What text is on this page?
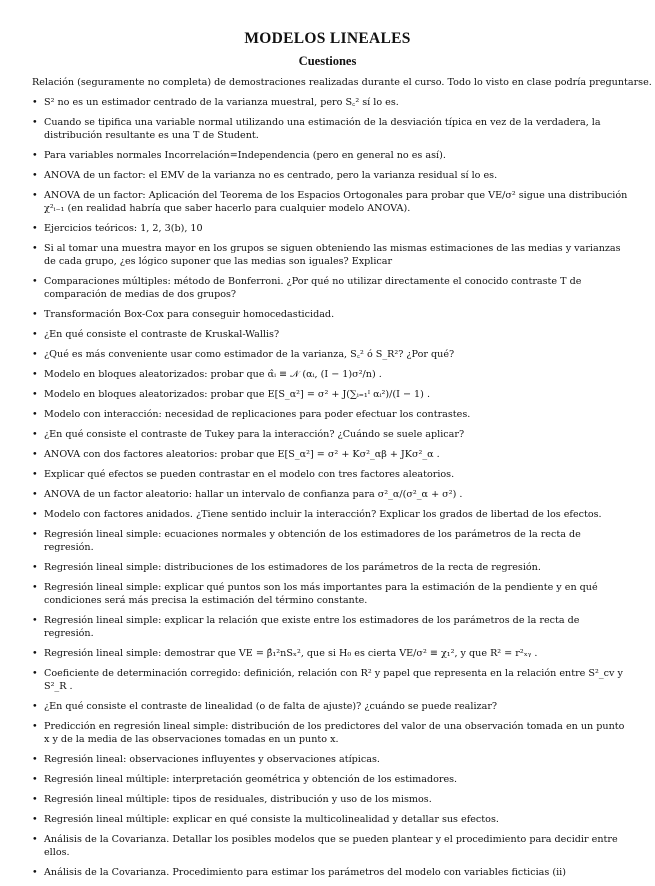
MODELOS LINEALES
Cuestiones
Relación (seguramente no completa) de demostraciones realizadas durante el curso. Todo lo visto en clase podría preguntarse.
• S² no es un estimador centrado de la varianza muestral, pero S꜀² sí lo es.
• Cuando se tipifica una variable normal utilizando una estimación de la desviación típica en vez de la verdadera, la distribución resultante es una T de Student.
• Para variables normales Incorrelación=Independencia (pero en general no es así).
• ANOVA de un factor: el EMV de la varianza no es centrado, pero la varianza residual sí lo es.
• ANOVA de un factor: Aplicación del Teorema de los Espacios Ortogonales para probar que VE/σ² sigue una distribución χ²ᵢ₋₁ (en realidad habría que saber hacerlo para cualquier modelo ANOVA).
• Ejercicios teóricos: 1, 2, 3(b), 10
• Si al tomar una muestra mayor en los grupos se siguen obteniendo las mismas estimaciones de las medias y varianzas de cada grupo, ¿es lógico suponer que las medias son iguales? Explicar
• Comparaciones múltiples: método de Bonferroni. ¿Por qué no utilizar directamente el conocido contraste T de comparación de medias de dos grupos?
• Transformación Box-Cox para conseguir homocedasticidad.
• ¿En qué consiste el contraste de Kruskal-Wallis?
• ¿Qué es más conveniente usar como estimador de la varianza, S꜀² ó S_R²? ¿Por qué?
• Modelo en bloques aleatorizados: probar que α̂ᵢ ≡ 𝒩 (αᵢ, (I − 1)σ²/n) .
• Modelo en bloques aleatorizados: probar que E[S_α²] = σ² + J(∑ᵢ₌₁ᴵ αᵢ²)/(I − 1) .
• Modelo con interacción: necesidad de replicaciones para poder efectuar los contrastes.
• ¿En qué consiste el contraste de Tukey para la interacción? ¿Cuándo se suele aplicar?
• ANOVA con dos factores aleatorios: probar que E[S_α²] = σ² + Kσ²_αβ + JKσ²_α .
• Explicar qué efectos se pueden contrastar en el modelo con tres factores aleatorios.
• ANOVA de un factor aleatorio: hallar un intervalo de confianza para σ²_α/(σ²_α + σ²) .
• Modelo con factores anidados. ¿Tiene sentido incluir la interacción? Explicar los grados de libertad de los efectos.
• Regresión lineal simple: ecuaciones normales y obtención de los estimadores de los parámetros de la recta de regresión.
• Regresión lineal simple: distribuciones de los estimadores de los parámetros de la recta de regresión.
• Regresión lineal simple: explicar qué puntos son los más importantes para la estimación de la pendiente y en qué condiciones será más precisa la estimación del término constante.
• Regresión lineal simple: explicar la relación que existe entre los estimadores de los parámetros de la recta de regresión.
• Regresión lineal simple: demostrar que VE = β̂₁²nSₓ², que si H₀ es cierta VE/σ² ≡ χ₁², y que R² = r²ₓᵧ .
• Coeficiente de determinación corregido: definición, relación con R² y papel que representa en la relación entre S²_cv y S²_R .
• ¿En qué consiste el contraste de linealidad (o de falta de ajuste)? ¿cuándo se puede realizar?
• Predicción en regresión lineal simple: distribución de los predictores del valor de una observación tomada en un punto x y de la media de las observaciones tomadas en un punto x.
• Regresión lineal: observaciones influyentes y observaciones atípicas.
• Regresión lineal múltiple: interpretación geométrica y obtención de los estimadores.
• Regresión lineal múltiple: tipos de residuales, distribución y uso de los mismos.
• Regresión lineal múltiple: explicar en qué consiste la multicolinealidad y detallar sus efectos.
• Análisis de la Covarianza. Detallar los posibles modelos que se pueden plantear y el procedimiento para decidir entre ellos.
• Análisis de la Covarianza. Procedimiento para estimar los parámetros del modelo con variables ficticias (ii)
